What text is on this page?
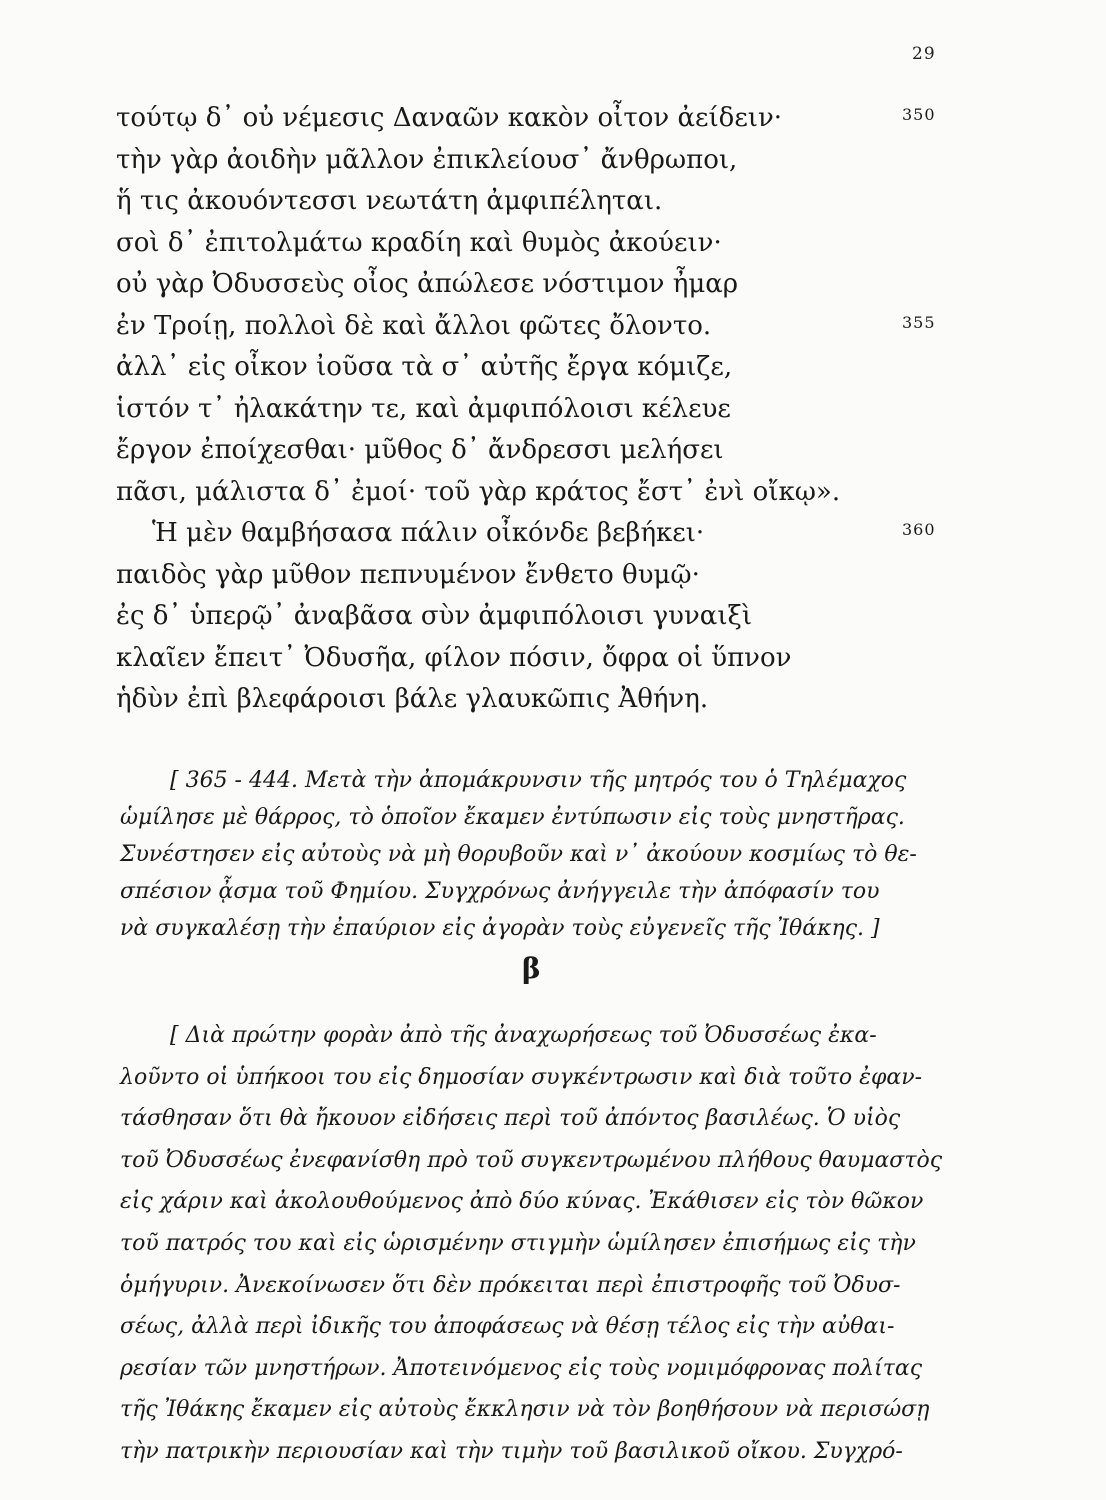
29
τούτῳ δ᾽ οὐ νέμεσις Δαναῶν κακὸν οἶτον ἀείδειν·	350
τὴν γὰρ ἀοιδὴν μᾶλλον ἐπικλείουσ᾽ ἄνθρωποι,
ἥ τις ἀκουόντεσσι νεωτάτη ἀμφιπέληται.
σοὶ δ᾽ ἐπιτολμάτω κραδίη καὶ θυμὸς ἀκούειν·
οὐ γὰρ Ὀδυσσεὺς οἶος ἀπώλεσε νόστιμον ἦμαρ
ἐν Τροίῃ, πολλοὶ δὲ καὶ ἄλλοι φῶτες ὄλοντο.	355
ἀλλ᾽ εἰς οἶκον ἰοῦσα τὰ σ᾽ αὐτῆς ἔργα κόμιζε,
ἱστόν τ᾽ ἠλακάτην τε, καὶ ἀμφιπόλοισι κέλευε
ἔργον ἐποίχεσθαι· μῦθος δ᾽ ἄνδρεσσι μελήσει
πᾶσι, μάλιστα δ᾽ ἐμοί· τοῦ γὰρ κράτος ἔστ᾽ ἐνὶ οἴκῳ».
Ἡ μὲν θαμβήσασα πάλιν οἶκόνδε βεβήκει·	360
παιδὸς γὰρ μῦθον πεπνυμένον ἔνθετο θυμῷ·
ἐς δ᾽ ὑπερῷ᾽ ἀναβᾶσα σὺν ἀμφιπόλοισι γυναιξὶ
κλαῖεν ἔπειτ᾽ Ὀδυσῆα, φίλον πόσιν, ὄφρα οἱ ὕπνον
ἡδὺν ἐπὶ βλεφάροισι βάλε γλαυκῶπις Ἀθήνη.
[ 365 - 444. Μετὰ τὴν ἀπομάκρυνσιν τῆς μητρός του ὁ Τηλέμαχος
ὡμίλησε μὲ θάρρος, τὸ ὁποῖον ἔκαμεν ἐντύπωσιν εἰς τοὺς μνηστῆρας.
Συνέστησεν εἰς αὐτοὺς νὰ μὴ θορυβοῦν καὶ ν᾽ ἀκούουν κοσμίως τὸ θε-
σπέσιον ᾆσμα τοῦ Φημίου. Συγχρόνως ἀνήγγειλε τὴν ἀπόφασίν του
νὰ συγκαλέσῃ τὴν ἐπαύριον εἰς ἀγορὰν τοὺς εὐγενεῖς τῆς Ἰθάκης. ]
β
[ Διὰ πρώτην φορὰν ἀπὸ τῆς ἀναχωρήσεως τοῦ Ὀδυσσέως ἐκα-
λοῦντο οἱ ὑπήκοοι του εἰς δημοσίαν συγκέντρωσιν καὶ διὰ τοῦτο ἐφαν-
τάσθησαν ὅτι θὰ ἤκουον εἰδήσεις περὶ τοῦ ἀπόντος βασιλέως. Ὁ υἱὸς
τοῦ Ὀδυσσέως ἐνεφανίσθη πρὸ τοῦ συγκεντρωμένου πλήθους θαυμαστὸς
εἰς χάριν καὶ ἀκολουθούμενος ἀπὸ δύο κύνας. Ἐκάθισεν εἰς τὸν θῶκον
τοῦ πατρός του καὶ εἰς ὡρισμένην στιγμὴν ὡμίλησεν ἐπισήμως εἰς τὴν
ὁμήγυριν. Ἀνεκοίνωσεν ὅτι δὲν πρόκειται περὶ ἐπιστροφῆς τοῦ Ὀδυσ-
σέως, ἀλλὰ περὶ ἰδικῆς του ἀποφάσεως νὰ θέσῃ τέλος εἰς τὴν αὐθαι-
ρεσίαν τῶν μνηστήρων. Ἀποτεινόμενος εἰς τοὺς νομιμόφρονας πολίτας
τῆς Ἰθάκης ἔκαμεν εἰς αὐτοὺς ἔκκλησιν νὰ τὸν βοηθήσουν νὰ περισώσῃ
τὴν πατρικὴν περιουσίαν καὶ τὴν τιμὴν τοῦ βασιλικοῦ οἴκου. Συγχρό-
